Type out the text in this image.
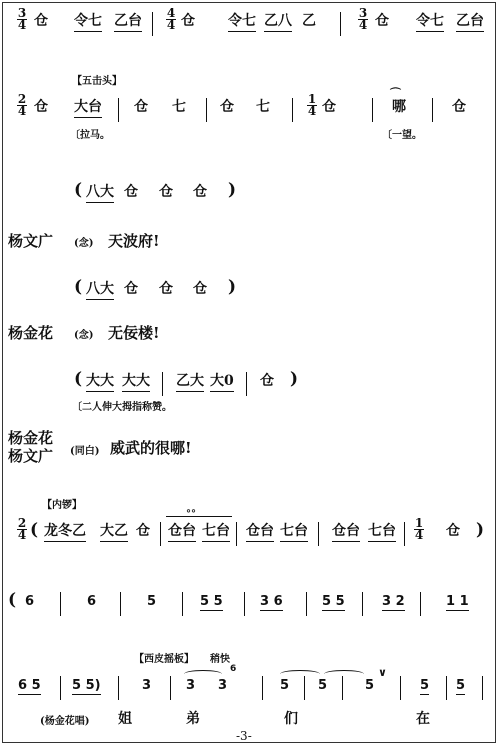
$\frac{3}{4}$ 仓 令七 乙台 $\frac{4}{4}$ 仓 令七 乙八 乙	$\frac{3}{4}$ 仓 令七 乙台
【五击头】
$\frac{2}{4}$ 仓 大台 仓 七 仓 七	$\frac{1}{4}$ 仓
⌒
哪	仓
〔拉马。	〔一望。
( 八大 仓 仓 仓 )
杨文广 (念) 天波府!
( 八大 仓 仓 仓 )
杨金花 (念) 无佞楼!
( 大大 大大 乙大 大0 仓 )
〔二人伸大拇指称赞。
杨金花
杨文广 (同白) 威武的很哪!
【内锣】
$\frac{2}{4}$ ( 龙冬乙 大乙 仓
°°
仓台 七台 仓台 七台 仓台 七台 $\frac{1}{4}$ 仓 )
( 6	6	5	5 5	3 6	5 5	3 2	1 1
【西皮摇板】 稍快
6 5 5 5)	3	3 3
6
5 5	5
∨
5 5
(杨金花唱) 姐	弟	们	在
-3-
